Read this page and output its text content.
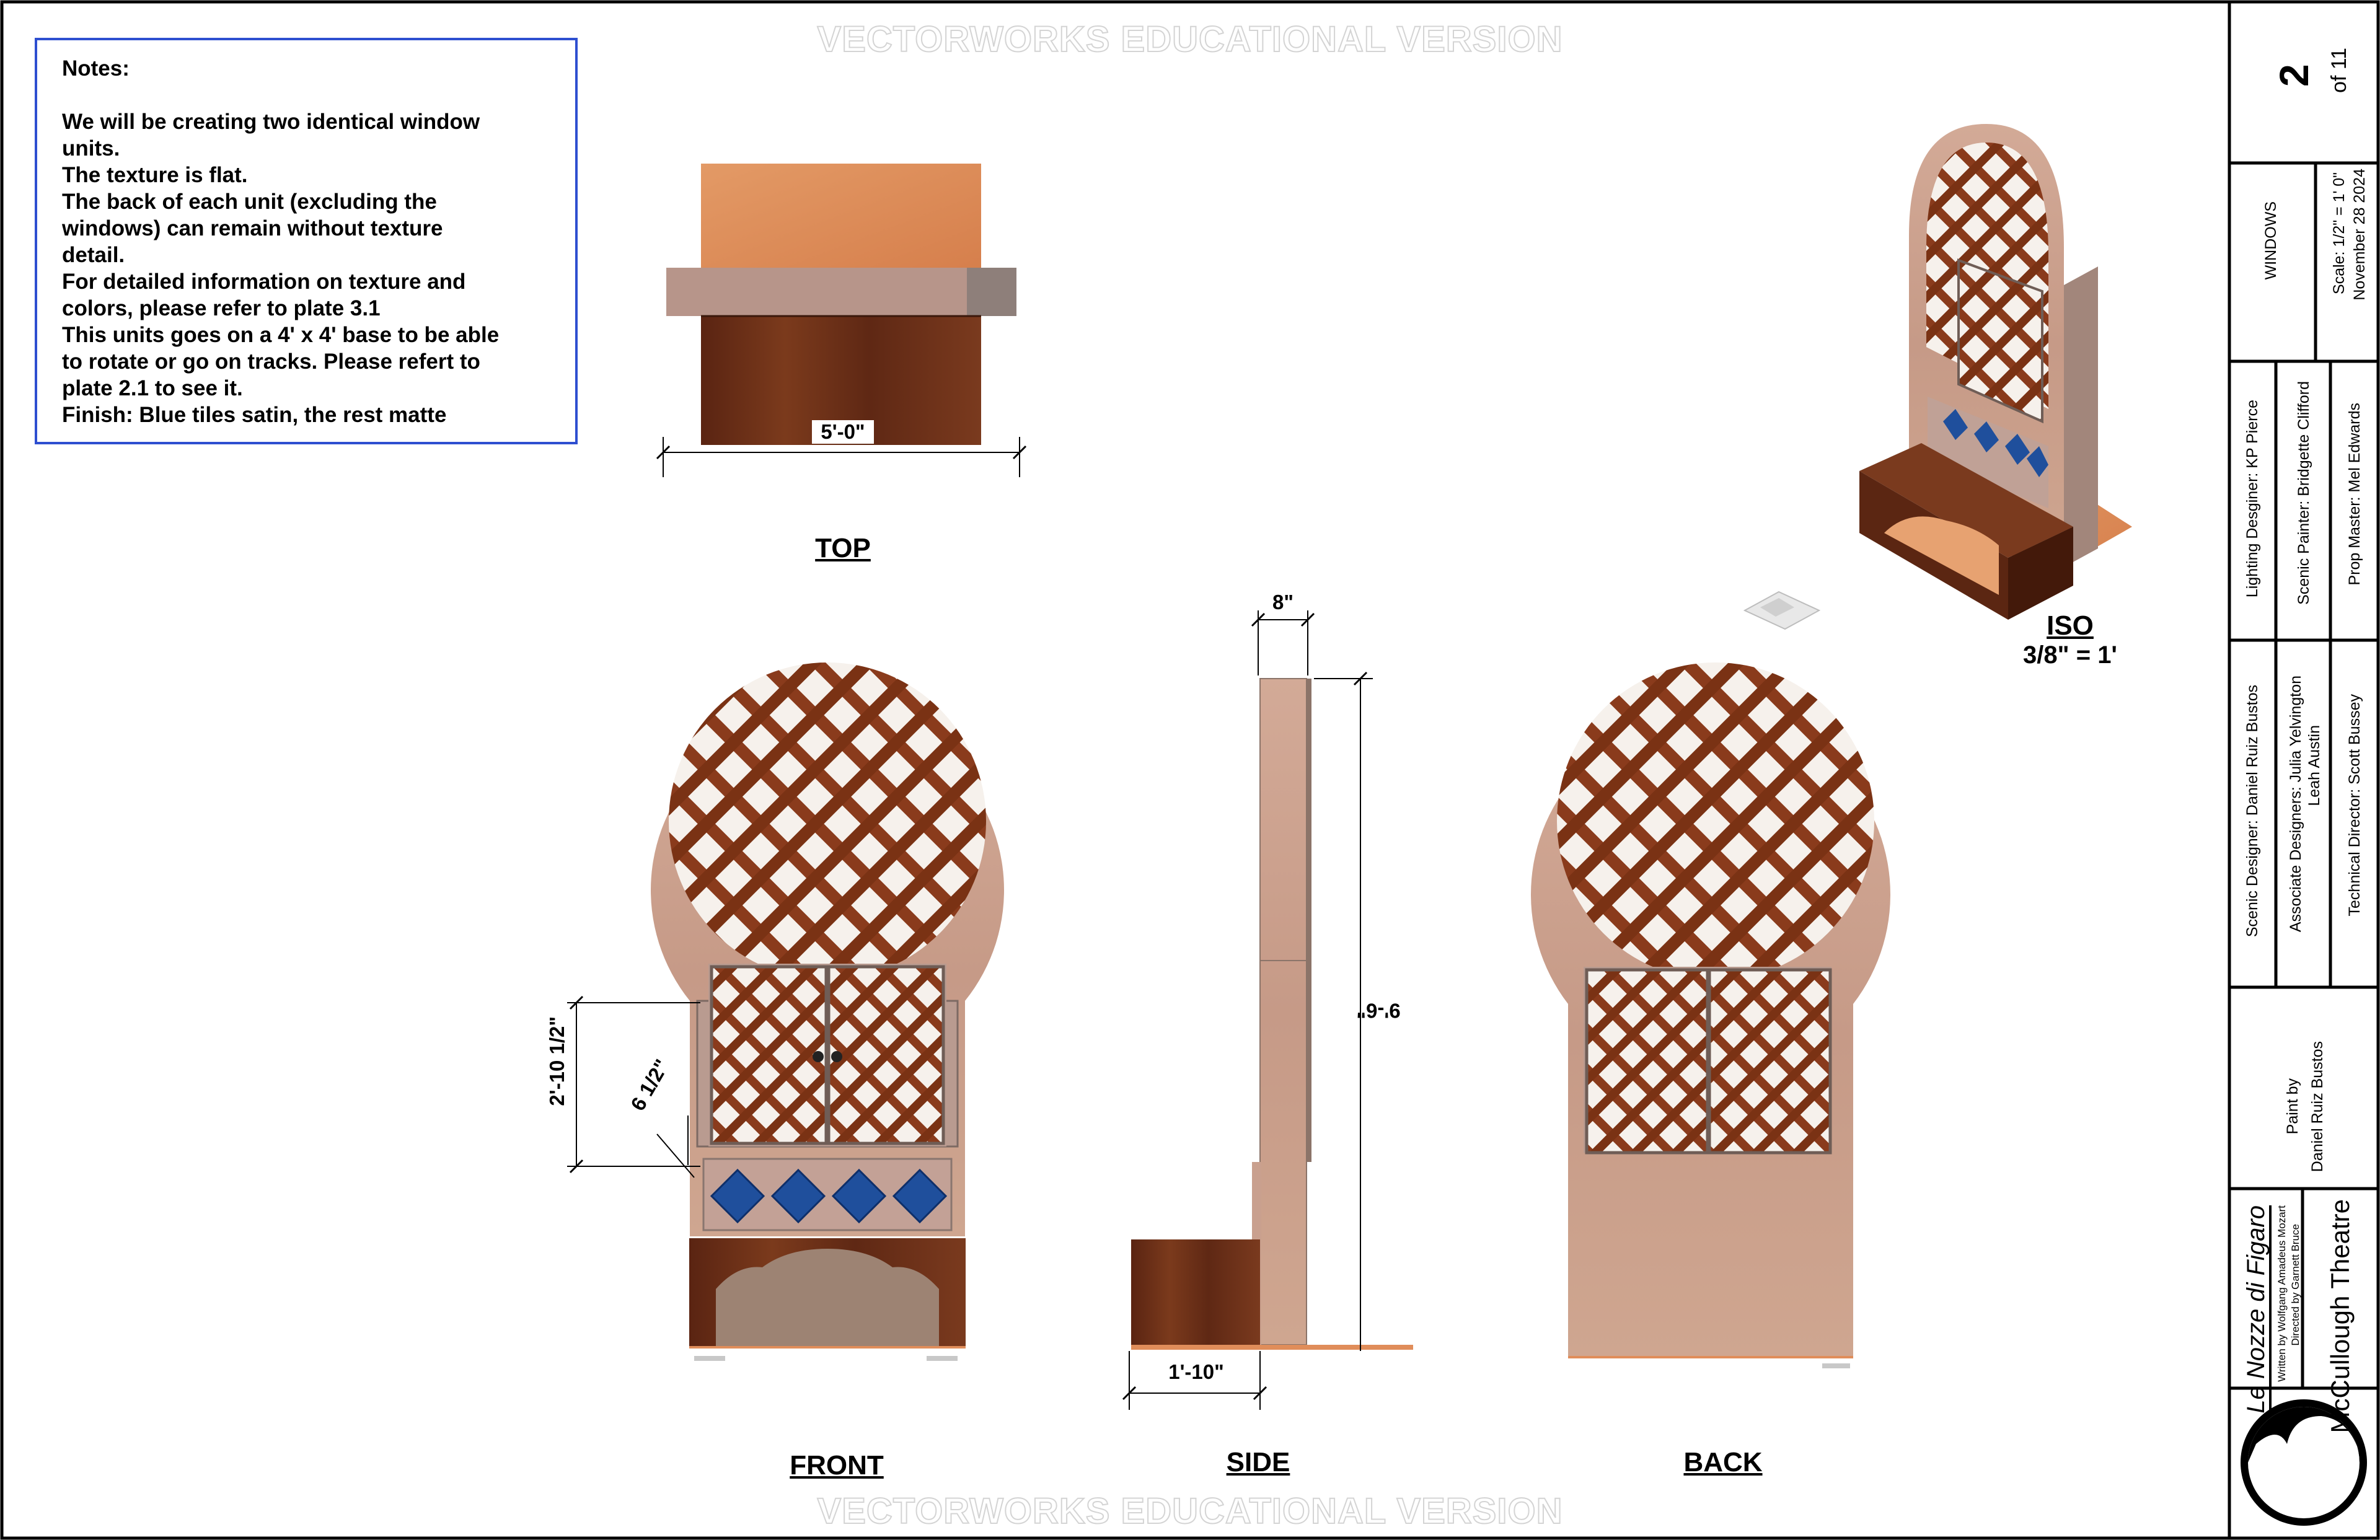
VECTORWORKS EDUCATIONAL VERSION
VECTORWORKS EDUCATIONAL VERSION
Notes:
We will be creating two identical window
units.
The texture is flat.
The back of each unit (excluding the
windows) can remain without texture
detail.
For detailed information on texture and
colors, please refer to plate 3.1
This units goes on a 4' x 4' base to be able
to rotate or go on tracks. Please refert to
plate 2.1 to see it.
Finish: Blue tiles satin, the rest matte
TOP
FRONT	SIDE	BACK
ISO
3/8" = 1'
5'-0"
8"
1'-10"
9'-6"
2'-10 1/2"	6 1/2"
2 of 11
WINDOWS	Scale: 1/2" = 1' 0" November 28 2024
Lighting Desginer: KP Pierce Scenic Painter: Bridgette Clifford Prop Master: Mel Edwards
Scenic Designer: Daniel Ruiz Bustos Associate Designers: Julia Yelvington Leah Austin Technical Director: Scott Bussey
Paint by Daniel Ruiz Bustos
Le Nozze di Figaro Written by Wolfgang Amadeus Mozart Directed by Garnett Bruce McCullough Theatre
